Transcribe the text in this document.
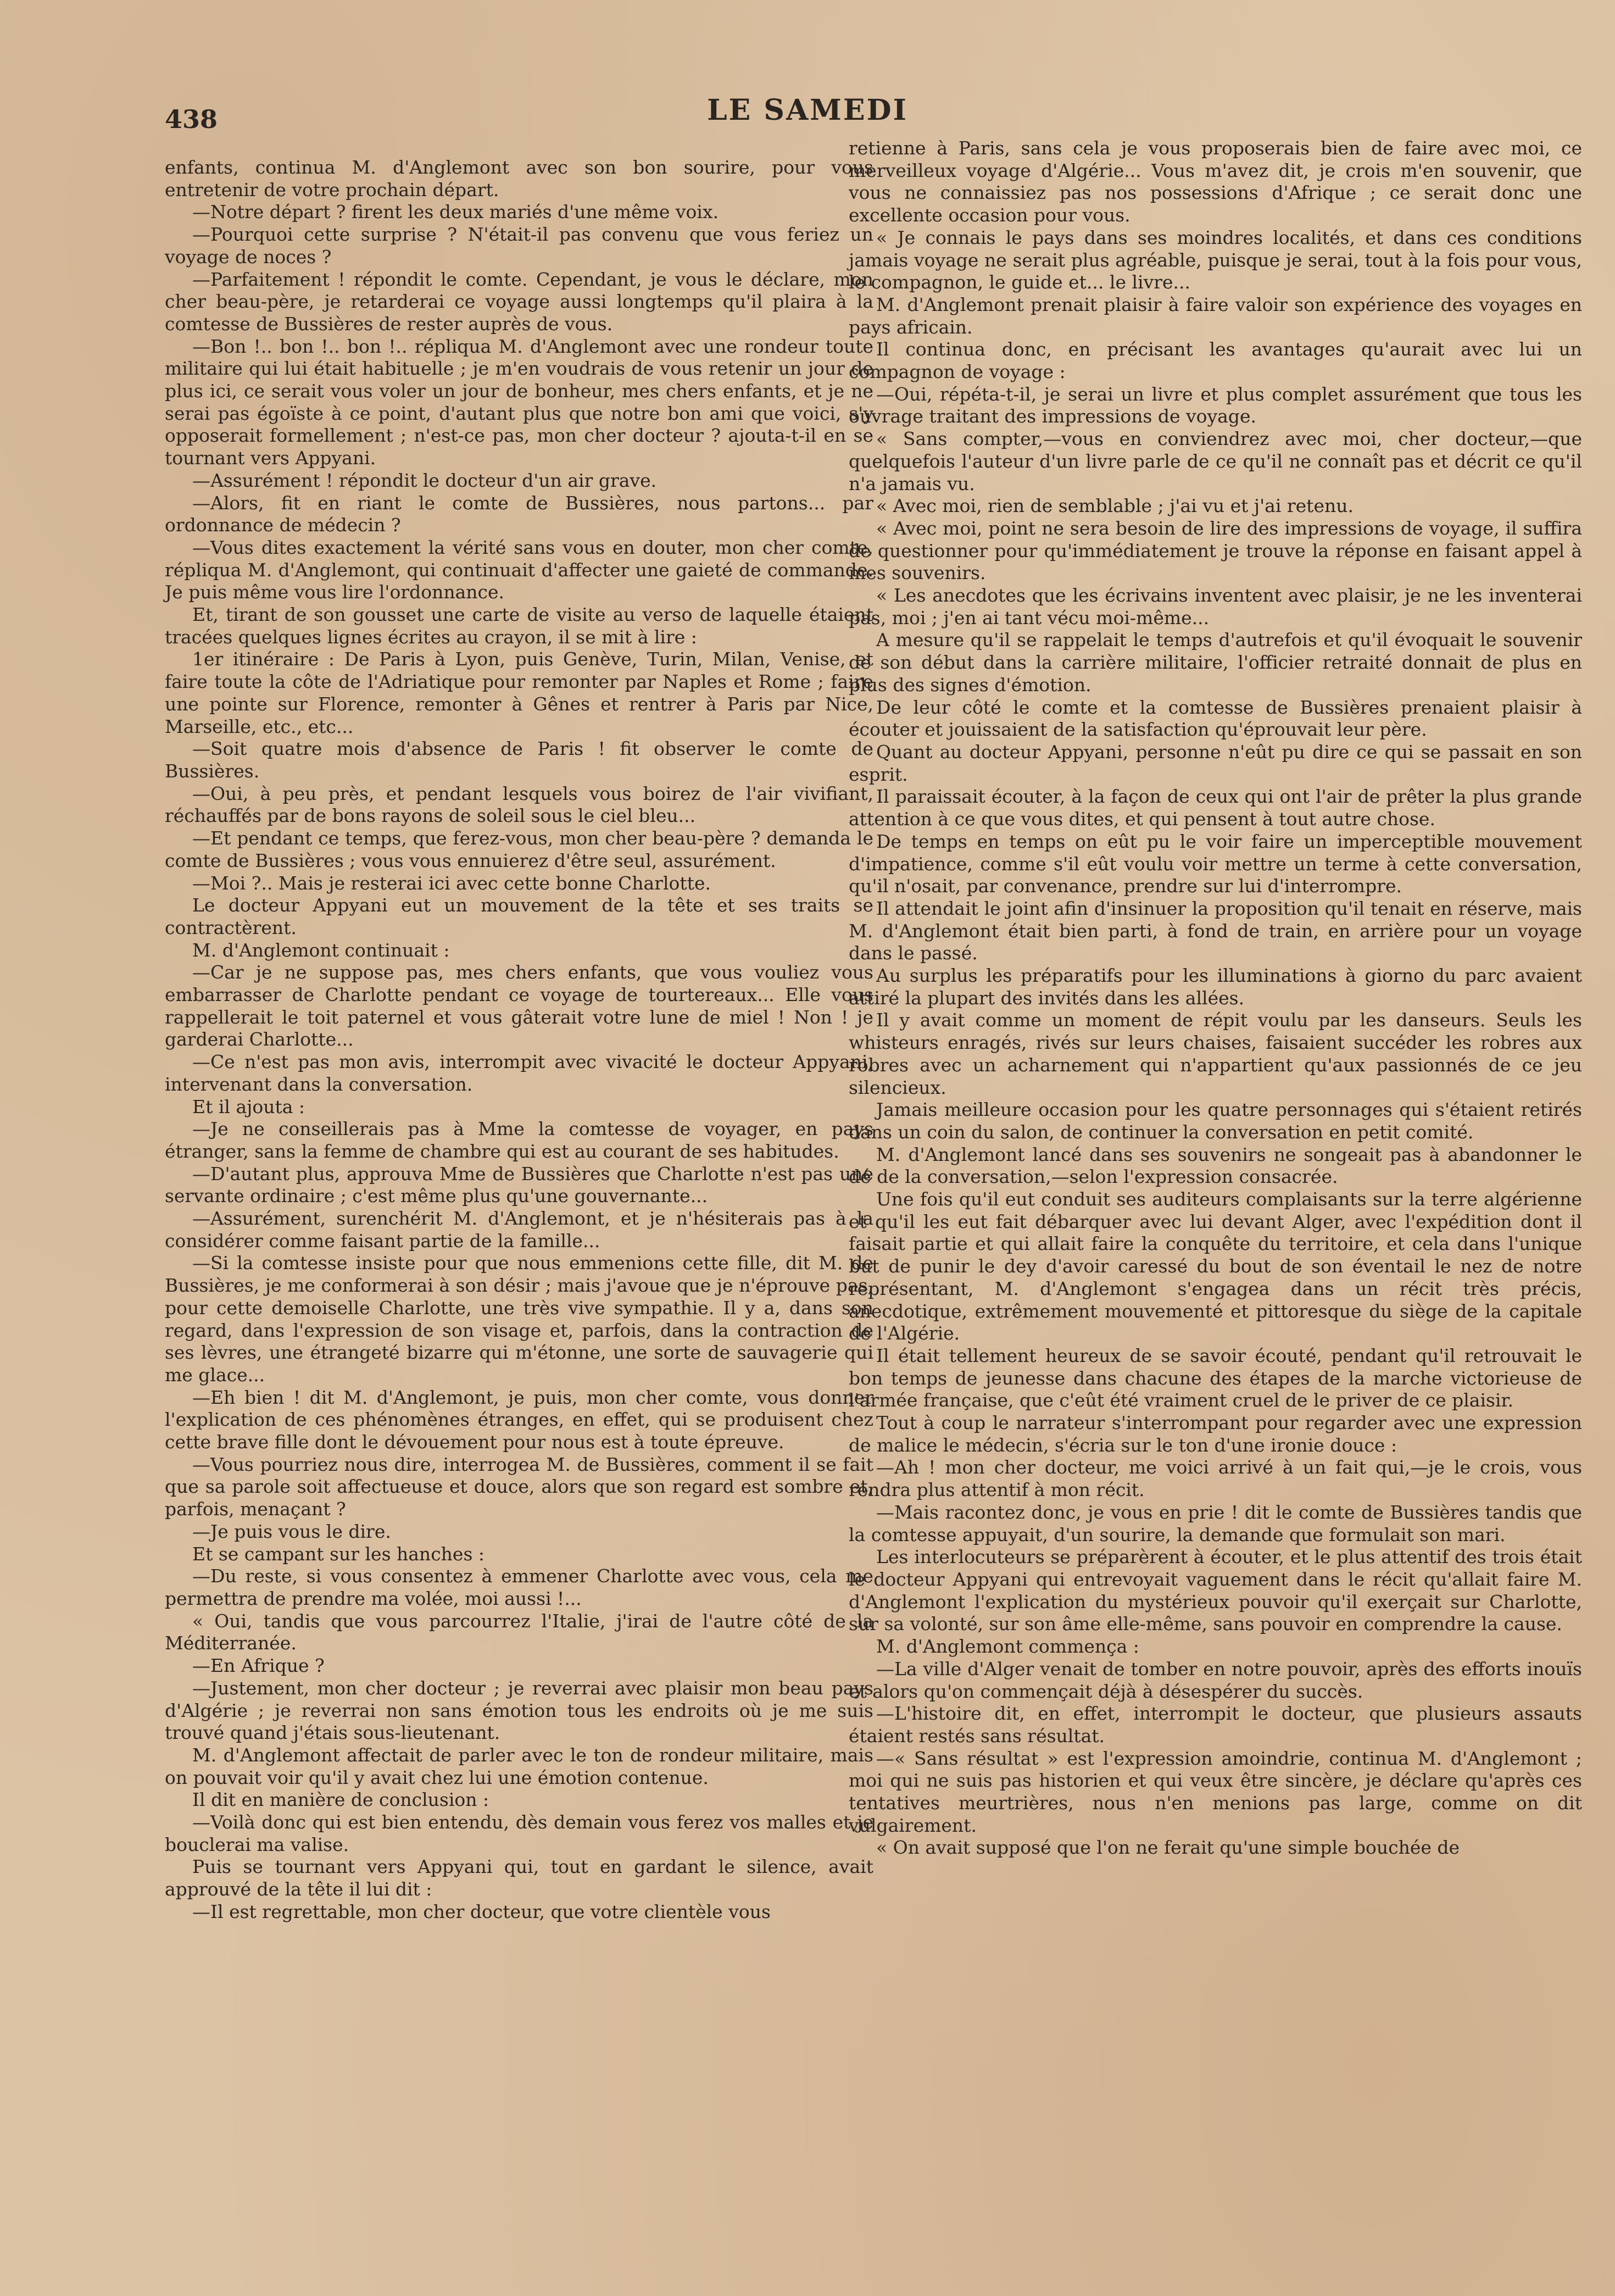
438	LE SAMEDI

enfants, continua M. d'Anglemont avec son bon sourire, pour vous entretenir de votre prochain départ.

—Notre départ ? firent les deux mariés d'une même voix.

—Pourquoi cette surprise ? N'était-il pas convenu que vous feriez un voyage de noces ?

—Parfaitement ! répondit le comte. Cependant, je vous le déclare, mon cher beau-père, je retarderai ce voyage aussi longtemps qu'il plaira à la comtesse de Bussières de rester auprès de vous.

—Bon !.. bon !.. bon !.. répliqua M. d'Anglemont avec une rondeur toute militaire qui lui était habituelle ; je m'en voudrais de vous retenir un jour de plus ici, ce serait vous voler un jour de bonheur, mes chers enfants, et je ne serai pas égoïste à ce point, d'autant plus que notre bon ami que voici, s'y opposerait formellement ; n'est-ce pas, mon cher docteur ? ajouta-t-il en se tournant vers Appyani.

—Assurément ! répondit le docteur d'un air grave.

—Alors, fit en riant le comte de Bussières, nous partons... par ordonnance de médecin ?

—Vous dites exactement la vérité sans vous en douter, mon cher comte, répliqua M. d'Anglemont, qui continuait d'affecter une gaieté de commande. Je puis même vous lire l'ordonnance.

Et, tirant de son gousset une carte de visite au verso de laquelle étaient tracées quelques lignes écrites au crayon, il se mit à lire :

1er itinéraire : De Paris à Lyon, puis Genève, Turin, Milan, Venise, et faire toute la côte de l'Adriatique pour remonter par Naples et Rome ; faire une pointe sur Florence, remonter à Gênes et rentrer à Paris par Nice, Marseille, etc., etc...

—Soit quatre mois d'absence de Paris ! fit observer le comte de Bussières.

—Oui, à peu près, et pendant lesquels vous boirez de l'air vivifiant, réchauffés par de bons rayons de soleil sous le ciel bleu...

—Et pendant ce temps, que ferez-vous, mon cher beau-père ? demanda le comte de Bussières ; vous vous ennuierez d'être seul, assurément.

—Moi ?.. Mais je resterai ici avec cette bonne Charlotte.

Le docteur Appyani eut un mouvement de la tête et ses traits se contractèrent.

M. d'Anglemont continuait :

—Car je ne suppose pas, mes chers enfants, que vous vouliez vous embarrasser de Charlotte pendant ce voyage de tourtereaux... Elle vous rappellerait le toit paternel et vous gâterait votre lune de miel ! Non ! je garderai Charlotte...

—Ce n'est pas mon avis, interrompit avec vivacité le docteur Appyani, intervenant dans la conversation.

Et il ajouta :

—Je ne conseillerais pas à Mme la comtesse de voyager, en pays étranger, sans la femme de chambre qui est au courant de ses habitudes.

—D'autant plus, approuva Mme de Bussières que Charlotte n'est pas une servante ordinaire ; c'est même plus qu'une gouvernante...

—Assurément, surenchérit M. d'Anglemont, et je n'hésiterais pas à la considérer comme faisant partie de la famille...

—Si la comtesse insiste pour que nous emmenions cette fille, dit M. de Bussières, je me conformerai à son désir ; mais j'avoue que je n'éprouve pas, pour cette demoiselle Charlotte, une très vive sympathie. Il y a, dans son regard, dans l'expression de son visage et, parfois, dans la contraction de ses lèvres, une étrangeté bizarre qui m'étonne, une sorte de sauvagerie qui me glace...

—Eh bien ! dit M. d'Anglemont, je puis, mon cher comte, vous donner l'explication de ces phénomènes étranges, en effet, qui se produisent chez cette brave fille dont le dévouement pour nous est à toute épreuve.

—Vous pourriez nous dire, interrogea M. de Bussières, comment il se fait que sa parole soit affectueuse et douce, alors que son regard est sombre et, parfois, menaçant ?

—Je puis vous le dire.

Et se campant sur les hanches :

—Du reste, si vous consentez à emmener Charlotte avec vous, cela me permettra de prendre ma volée, moi aussi !...

« Oui, tandis que vous parcourrez l'Italie, j'irai de l'autre côté de la Méditerranée.

—En Afrique ?

—Justement, mon cher docteur ; je reverrai avec plaisir mon beau pays d'Algérie ; je reverrai non sans émotion tous les endroits où je me suis trouvé quand j'étais sous-lieutenant.

M. d'Anglemont affectait de parler avec le ton de rondeur militaire, mais on pouvait voir qu'il y avait chez lui une émotion contenue.

Il dit en manière de conclusion :

—Voilà donc qui est bien entendu, dès demain vous ferez vos malles et je bouclerai ma valise.

Puis se tournant vers Appyani qui, tout en gardant le silence, avait approuvé de la tête il lui dit :

—Il est regrettable, mon cher docteur, que votre clientèle vous

retienne à Paris, sans cela je vous proposerais bien de faire avec moi, ce merveilleux voyage d'Algérie... Vous m'avez dit, je crois m'en souvenir, que vous ne connaissiez pas nos possessions d'Afrique ; ce serait donc une excellente occasion pour vous.

« Je connais le pays dans ses moindres localités, et dans ces conditions jamais voyage ne serait plus agréable, puisque je serai, tout à la fois pour vous, le compagnon, le guide et... le livre...

M. d'Anglemont prenait plaisir à faire valoir son expérience des voyages en pays africain.

Il continua donc, en précisant les avantages qu'aurait avec lui un compagnon de voyage :

—Oui, répéta-t-il, je serai un livre et plus complet assurément que tous les ouvrage traitant des impressions de voyage.

« Sans compter,—vous en conviendrez avec moi, cher docteur,—que quelquefois l'auteur d'un livre parle de ce qu'il ne connaît pas et décrit ce qu'il n'a jamais vu.

« Avec moi, rien de semblable ; j'ai vu et j'ai retenu.

« Avec moi, point ne sera besoin de lire des impressions de voyage, il suffira de questionner pour qu'immédiatement je trouve la réponse en faisant appel à mes souvenirs.

« Les anecdotes que les écrivains inventent avec plaisir, je ne les inventerai pas, moi ; j'en ai tant vécu moi-même...

A mesure qu'il se rappelait le temps d'autrefois et qu'il évoquait le souvenir de son début dans la carrière militaire, l'officier retraité donnait de plus en plus des signes d'émotion.

De leur côté le comte et la comtesse de Bussières prenaient plaisir à écouter et jouissaient de la satisfaction qu'éprouvait leur père.

Quant au docteur Appyani, personne n'eût pu dire ce qui se passait en son esprit.

Il paraissait écouter, à la façon de ceux qui ont l'air de prêter la plus grande attention à ce que vous dites, et qui pensent à tout autre chose.

De temps en temps on eût pu le voir faire un imperceptible mouvement d'impatience, comme s'il eût voulu voir mettre un terme à cette conversation, qu'il n'osait, par convenance, prendre sur lui d'interrompre.

Il attendait le joint afin d'insinuer la proposition qu'il tenait en réserve, mais M. d'Anglemont était bien parti, à fond de train, en arrière pour un voyage dans le passé.

Au surplus les préparatifs pour les illuminations à giorno du parc avaient attiré la plupart des invités dans les allées.

Il y avait comme un moment de répit voulu par les danseurs. Seuls les whisteurs enragés, rivés sur leurs chaises, faisaient succéder les robres aux robres avec un acharnement qui n'appartient qu'aux passionnés de ce jeu silencieux.

Jamais meilleure occasion pour les quatre personnages qui s'étaient retirés dans un coin du salon, de continuer la conversation en petit comité.

M. d'Anglemont lancé dans ses souvenirs ne songeait pas à abandonner le dé de la conversation,—selon l'expression consacrée.

Une fois qu'il eut conduit ses auditeurs complaisants sur la terre algérienne et qu'il les eut fait débarquer avec lui devant Alger, avec l'expédition dont il faisait partie et qui allait faire la conquête du territoire, et cela dans l'unique but de punir le dey d'avoir caressé du bout de son éventail le nez de notre représentant, M. d'Anglemont s'engagea dans un récit très précis, anecdotique, extrêmement mouvementé et pittoresque du siège de la capitale de l'Algérie.

Il était tellement heureux de se savoir écouté, pendant qu'il retrouvait le bon temps de jeunesse dans chacune des étapes de la marche victorieuse de l'armée française, que c'eût été vraiment cruel de le priver de ce plaisir.

Tout à coup le narrateur s'interrompant pour regarder avec une expression de malice le médecin, s'écria sur le ton d'une ironie douce :

—Ah ! mon cher docteur, me voici arrivé à un fait qui,—je le crois, vous rendra plus attentif à mon récit.

—Mais racontez donc, je vous en prie ! dit le comte de Bussières tandis que la comtesse appuyait, d'un sourire, la demande que formulait son mari.

Les interlocuteurs se préparèrent à écouter, et le plus attentif des trois était le docteur Appyani qui entrevoyait vaguement dans le récit qu'allait faire M. d'Anglemont l'explication du mystérieux pouvoir qu'il exerçait sur Charlotte, sur sa volonté, sur son âme elle-même, sans pouvoir en comprendre la cause.

M. d'Anglemont commença :

—La ville d'Alger venait de tomber en notre pouvoir, après des efforts inouïs et alors qu'on commençait déjà à désespérer du succès.

—L'histoire dit, en effet, interrompit le docteur, que plusieurs assauts étaient restés sans résultat.

—« Sans résultat » est l'expression amoindrie, continua M. d'Anglemont ; moi qui ne suis pas historien et qui veux être sincère, je déclare qu'après ces tentatives meurtrières, nous n'en menions pas large, comme on dit vulgairement.

« On avait supposé que l'on ne ferait qu'une simple bouchée de
